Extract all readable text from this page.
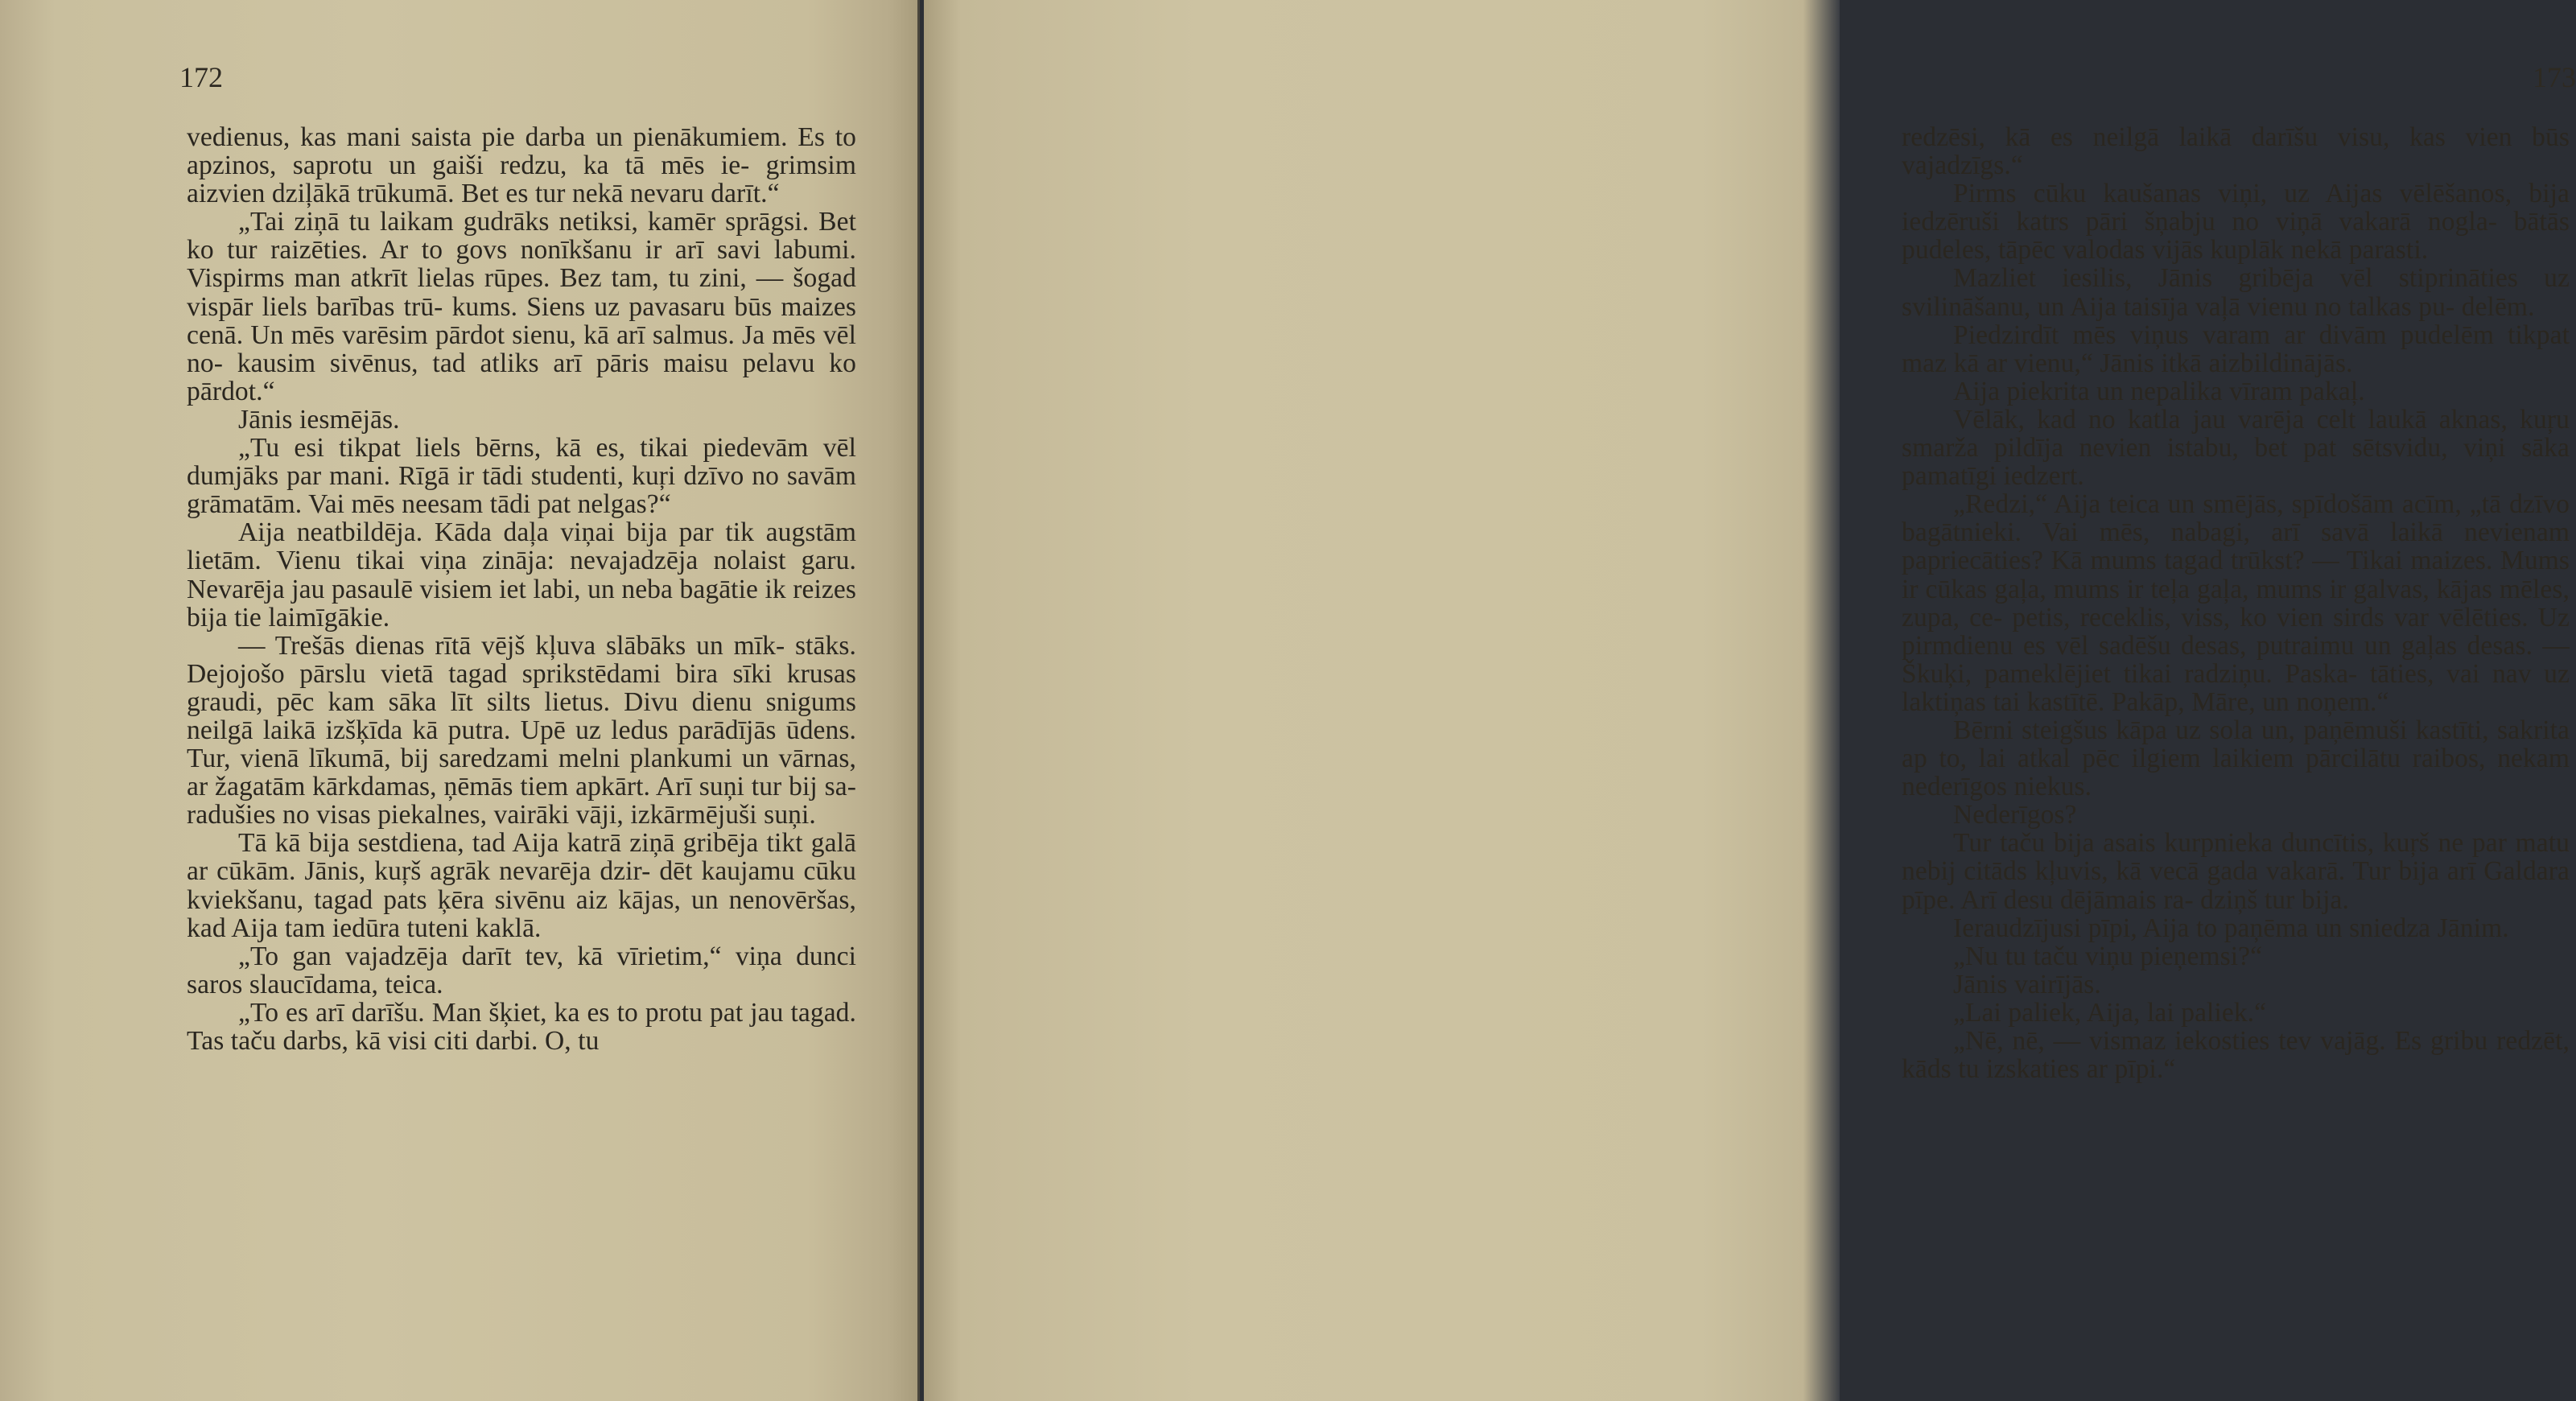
172

vedienus, kas mani saista pie darba un pienākumiem. Es to apzinos, saprotu un gaiši redzu, ka tā mēs ie- grimsim aizvien dziļākā trūkumā. Bet es tur nekā nevaru darīt.“

„Tai ziņā tu laikam gudrāks netiksi, kamēr sprāgsi. Bet ko tur raizēties. Ar to govs nonīkšanu ir arī savi labumi. Vispirms man atkrīt lielas rūpes. Bez tam, tu zini, — šogad vispār liels barības trū- kums. Siens uz pavasaru būs maizes cenā. Un mēs varēsim pārdot sienu, kā arī salmus. Ja mēs vēl no- kausim sivēnus, tad atliks arī pāris maisu pelavu ko pārdot.“

Jānis iesmējās.

„Tu esi tikpat liels bērns, kā es, tikai piedevām vēl dumjāks par mani. Rīgā ir tādi studenti, kuŗi dzīvo no savām grāmatām. Vai mēs neesam tādi pat nelgas?“

Aija neatbildēja. Kāda daļa viņai bija par tik augstām lietām. Vienu tikai viņa zināja: nevajadzēja nolaist garu. Nevarēja jau pasaulē visiem iet labi, un neba bagātie ik reizes bija tie laimīgākie.

— Trešās dienas rītā vējš kļuva slābāks un mīk- stāks. Dejojošo pārslu vietā tagad sprikstēdami bira sīki krusas graudi, pēc kam sāka līt silts lietus. Divu dienu snigums neilgā laikā izšķīda kā putra. Upē uz ledus parādījās ūdens. Tur, vienā līkumā, bij saredzami melni plankumi un vārnas, ar žagatām kārkdamas, ņēmās tiem apkārt. Arī suņi tur bij sa- radušies no visas piekalnes, vairāki vāji, izkārmējuši suņi.

Tā kā bija sestdiena, tad Aija katrā ziņā gribēja tikt galā ar cūkām. Jānis, kuŗš agrāk nevarēja dzir- dēt kaujamu cūku kviekšanu, tagad pats ķēra sivēnu aiz kājas, un nenovēršas, kad Aija tam iedūra tuteni kaklā.

„To gan vajadzēja darīt tev, kā vīrietim,“ viņa dunci saros slaucīdama, teica.

„To es arī darīšu. Man šķiet, ka es to protu pat jau tagad. Tas taču darbs, kā visi citi darbi. O, tu

173

redzēsi, kā es neilgā laikā darīšu visu, kas vien būs vajadzīgs.“

Pirms cūku kaušanas viņi, uz Aijas vēlēšanos, bija iedzēruši katrs pāri šņabju no viņā vakarā nogla- bātās pudeles, tāpēc valodas vijās kuplāk nekā parasti.

Mazliet iesilis, Jānis gribēja vēl stiprināties uz svilināšanu, un Aija taisīja vaļā vienu no talkas pu- delēm.

Piedzirdīt mēs viņus varam ar divām pudelēm tikpat maz kā ar vienu,“ Jānis itkā aizbildinājās.

Aija piekrita un nepalika vīram pakaļ.

Vēlāk, kad no katla jau varēja celt laukā aknas, kuŗu smarža pildīja nevien istabu, bet pat sētsvidu, viņi sāka pamatīgi iedzert.

„Redzi,“ Aija teica un smējās, spīdošām acīm, „tā dzīvo bagātnieki. Vai mēs, nabagi, arī savā laikā nevienam paprіecāties? Kā mums tagad trūkst? — Tikai maizes. Mums ir cūkas gaļa, mums ir teļa gaļa, mums ir galvas, kājas mēles, zupa, ce- petis, receklis, viss, ko vien sirds var vēlēties. Uz pirmdienu es vēl sadēšu desas, putraimu un gaļas desas. — Škuķi, pameklējiet tikai radziņu. Paska- tāties, vai nav uz laktiņas tai kastītē. Pakāp, Māre, un noņem.“

Bērni steigšus kāpa uz sola un, paņēmuši kastīti, sakrita ap to, lai atkal pēc ilgiem laikiem pārcilātu raibos, nekam nederīgos niekus.

Nederīgos?

Tur taču bija asais kurpnieka duncītis, kuŗš ne par matu nebij citāds kļuvis, kā vecā gada vakarā. Tur bija arī Galdara pīpe. Arī desu dējāmais ra- dziņš tur bija.

Ieraudzījusi pīpi, Aija to paņēma un sniedza Jānim.

„Nu tu taču viņu pieņemsi?“

Jānis vairījās.

„Lai paliek, Aija, lai paliek.“

„Nē, nē, — vismaz iekosties tev vajāg. Es gribu redzēt, kāds tu izskaties ar pīpi.“
